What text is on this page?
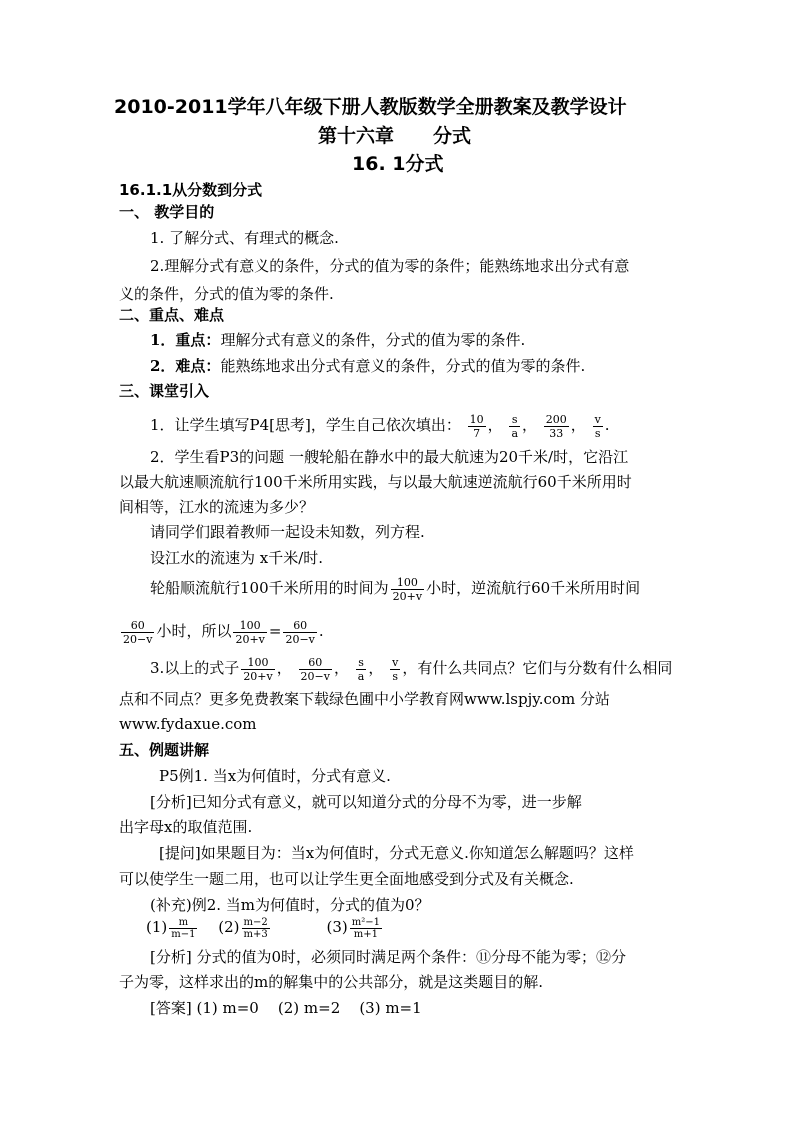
2010-2011学年八年级下册人教版数学全册教案及教学设计
第十六章 分式
16. 1分式
16.1.1从分数到分式
一、 教学目的
1. 了解分式、有理式的概念.
2.理解分式有意义的条件，分式的值为零的条件；能熟练地求出分式有意
义的条件，分式的值为零的条件.
二、重点、难点
1．重点：理解分式有意义的条件，分式的值为零的条件.
2．难点：能熟练地求出分式有意义的条件，分式的值为零的条件.
三、课堂引入
1．让学生填写P4[思考]，学生自己依次填出： $\frac{10}{7}$ ， $\frac{s}{a}$ ， $\frac{200}{33}$ ， $\frac{v}{s}$ .
2．学生看P3的问题 一艘轮船在静水中的最大航速为20千米/时，它沿江
以最大航速顺流航行100千米所用实践，与以最大航速逆流航行60千米所用时
间相等，江水的流速为多少？
请同学们跟着教师一起设未知数，列方程.
设江水的流速为 x千米/时.
轮船顺流航行100千米所用的时间为 $\frac{100}{20+v}$ 小时，逆流航行60千米所用时间
$\frac{60}{20-v}$ 小时，所以 $\frac{100}{20+v} = \frac{60}{20-v}$ .
3.以上的式子 $\frac{100}{20+v}$ ， $\frac{60}{20-v}$ ， $\frac{s}{a}$ ， $\frac{v}{s}$ ，有什么共同点？它们与分数有什么相同
点和不同点？更多免费教案下载绿色圃中小学教育网www.lspjy.com 分站
www.fydaxue.com
五、例题讲解
P5例1. 当x为何值时，分式有意义.
[分析]已知分式有意义，就可以知道分式的分母不为零，进一步解
出字母x的取值范围.
[提问]如果题目为：当x为何值时，分式无意义.你知道怎么解题吗？这样
可以使学生一题二用，也可以让学生更全面地感受到分式及有关概念.
(补充)例2. 当m为何值时，分式的值为0？
$(1) \frac{m}{m-1} (2) \frac{m-2}{m+3}$	$(3) \frac{\text{m²−1}}{m+1}$
[分析] 分式的值为0时，必须同时满足两个条件：⑪分母不能为零；⑫分
子为零，这样求出的m的解集中的公共部分，就是这类题目的解.
[答案] (1) m=0    (2) m=2    (3) m=1
